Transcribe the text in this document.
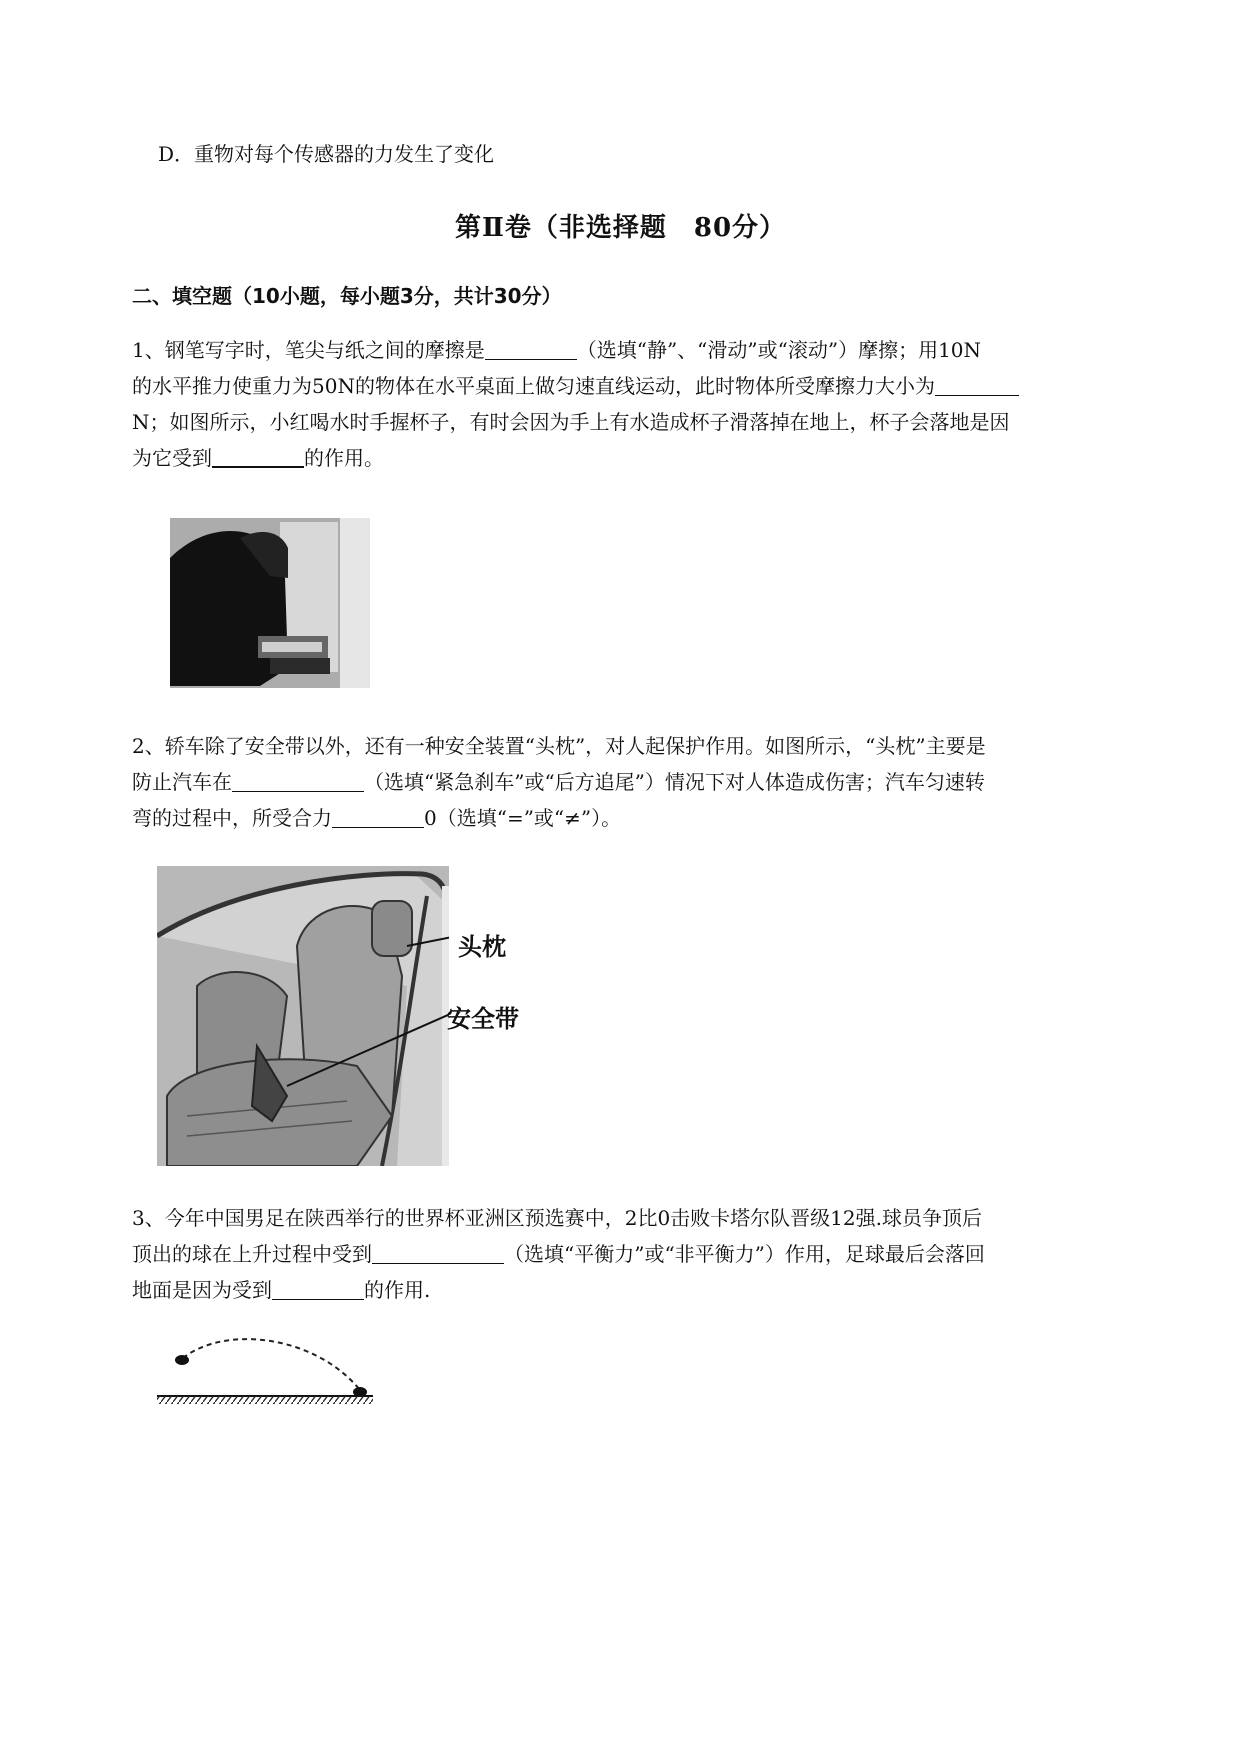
D．重物对每个传感器的力发生了变化
第Ⅱ卷（非选择题　80分）
二、填空题（10小题，每小题3分，共计30分）
1、钢笔写字时，笔尖与纸之间的摩擦是	（选填“静”、“滑动”或“滚动”）摩擦；用10N
的水平推力使重力为50N的物体在水平桌面上做匀速直线运动，此时物体所受摩擦力大小为
N；如图所示，小红喝水时手握杯子，有时会因为手上有水造成杯子滑落掉在地上，杯子会落地是因
为它受到	的作用。
2、轿车除了安全带以外，还有一种安全装置“头枕”，对人起保护作用。如图所示，“头枕”主要是
防止汽车在	（选填“紧急刹车”或“后方追尾”）情况下对人体造成伤害；汽车匀速转
弯的过程中，所受合力	0（选填“=”或“≠”）。
头枕
安全带
3、今年中国男足在陕西举行的世界杯亚洲区预选赛中，2比0击败卡塔尔队晋级12强.球员争顶后
顶出的球在上升过程中受到	（选填“平衡力”或“非平衡力”）作用，足球最后会落回
地面是因为受到	的作用.
